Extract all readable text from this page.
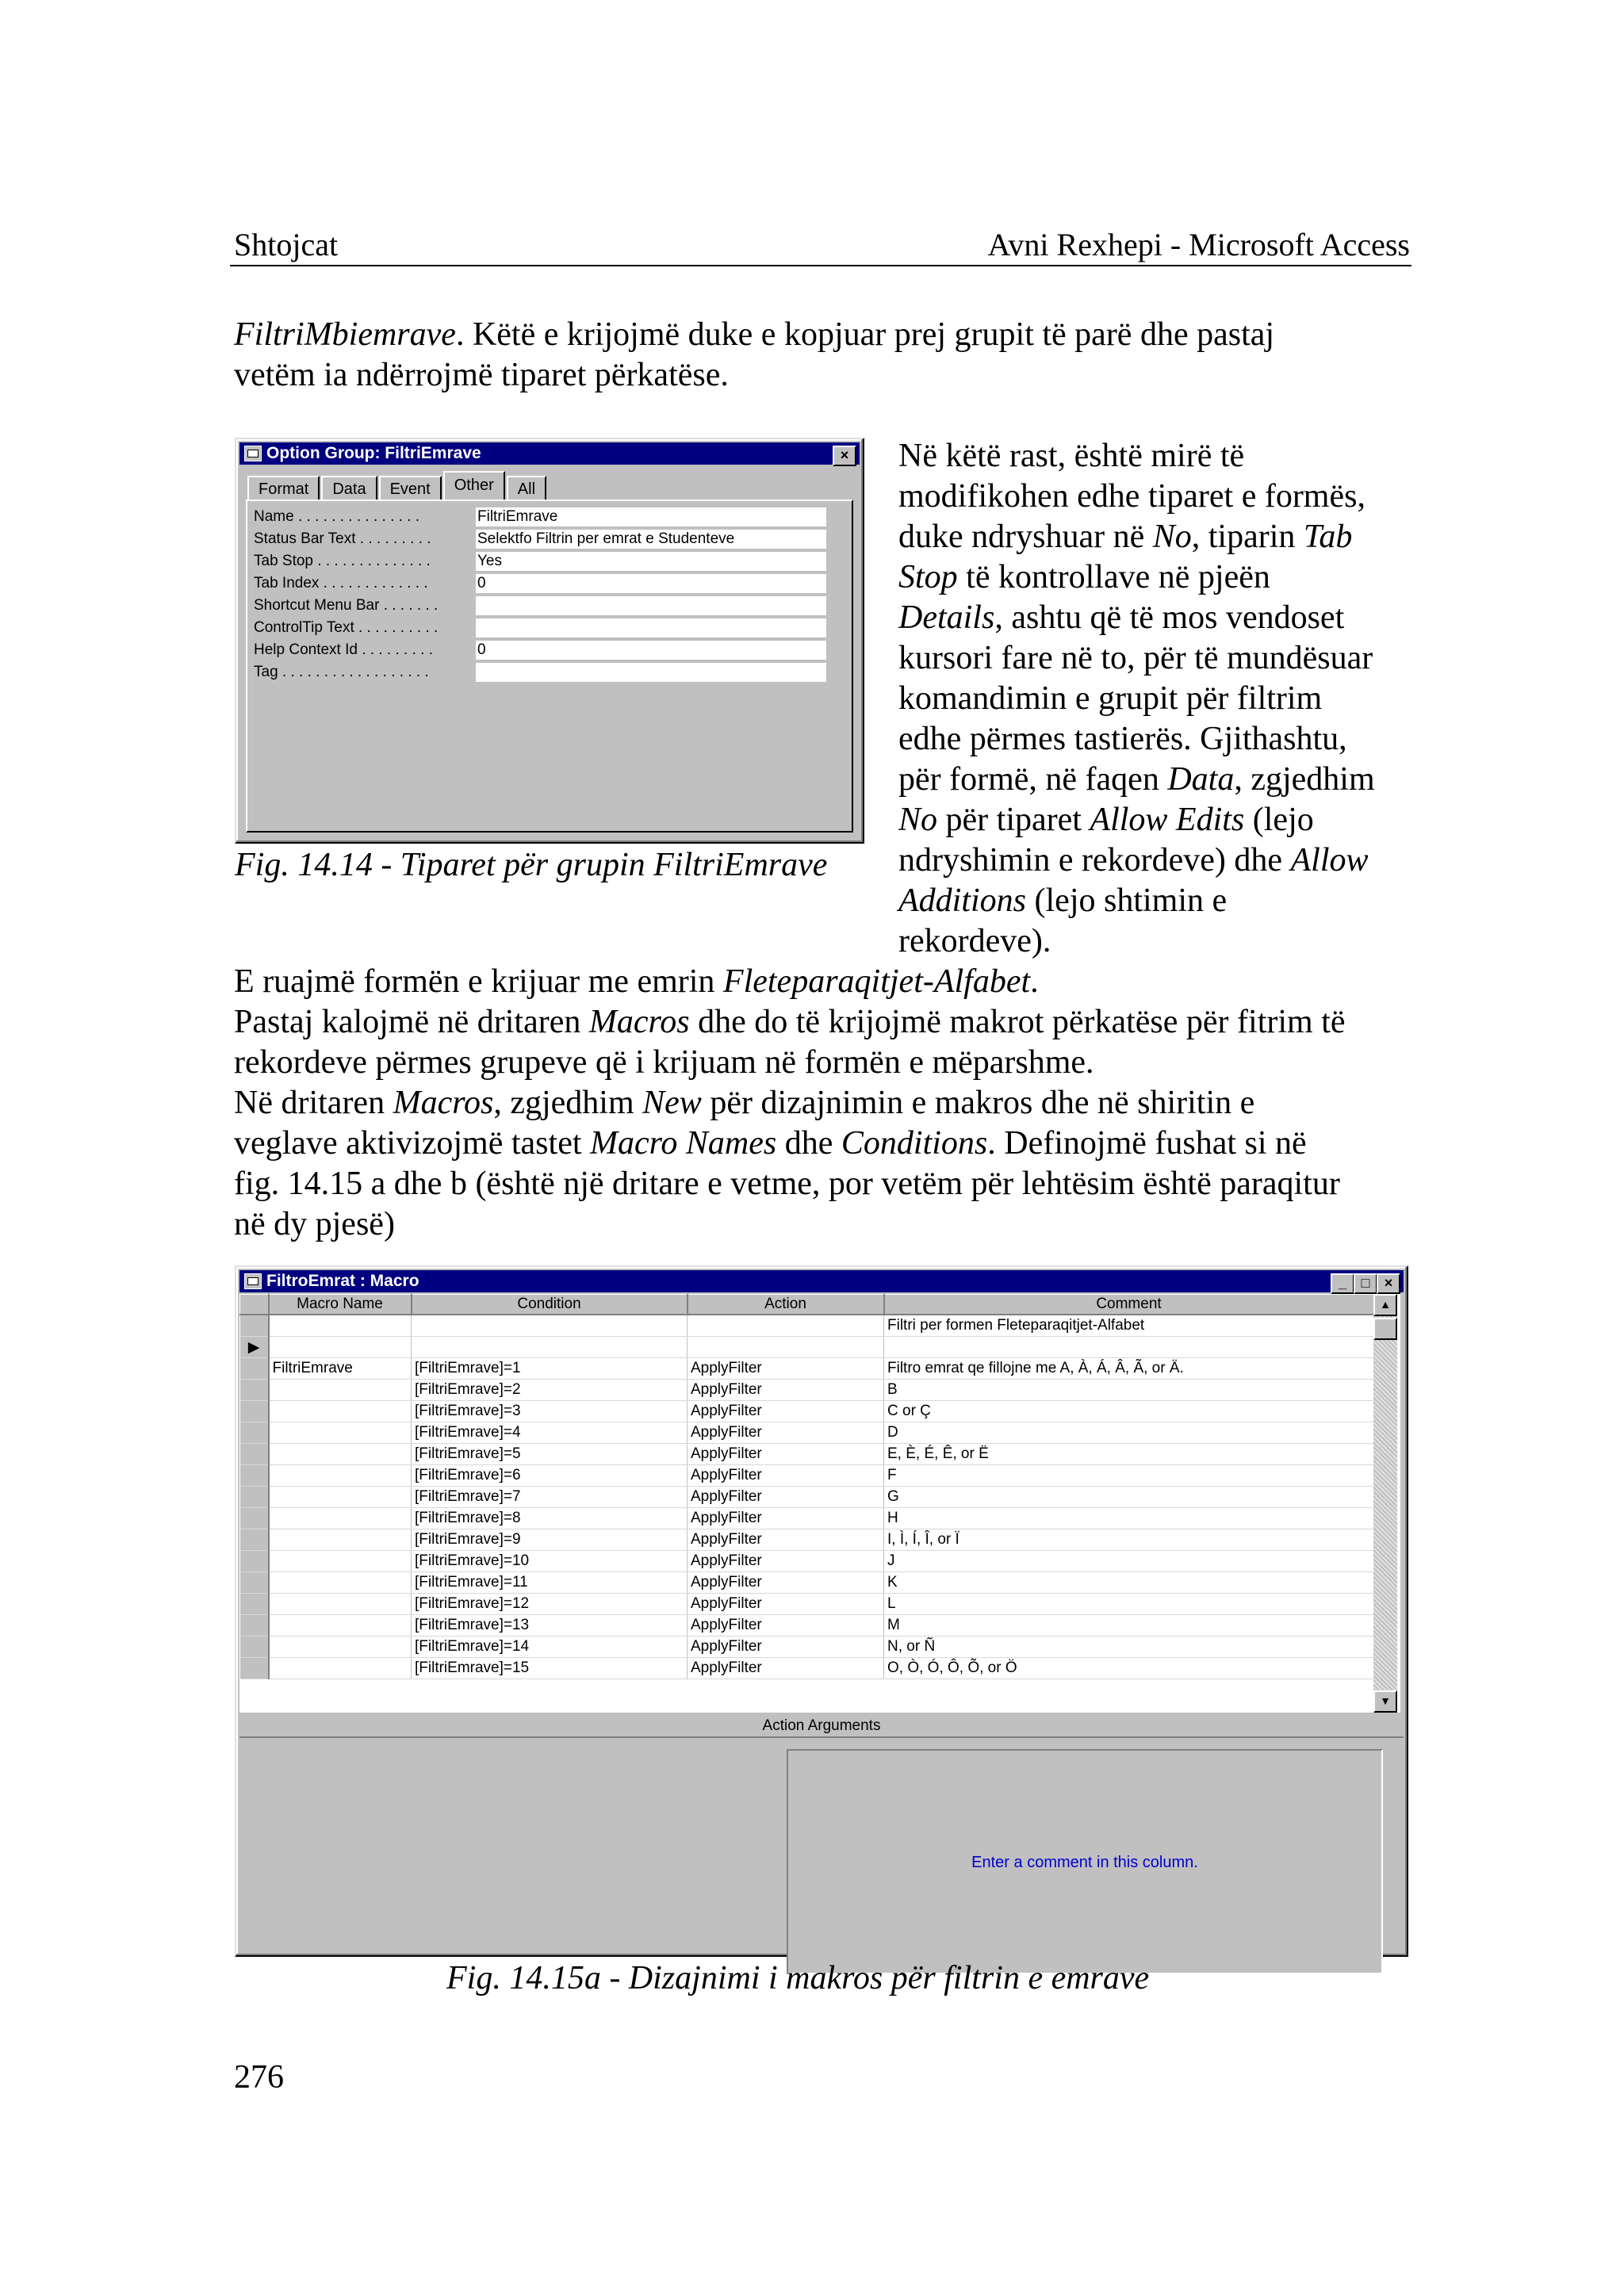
Shtojcat	Avni Rexhepi - Microsoft Access
FiltriMbiemrave. Këtë e krijojmë duke e kopjuar prej grupit të parë dhe pastaj
vetëm ia ndërrojmë tiparet përkatëse.
Option Group: FiltriEmrave	×
Format	Data	Event	Other	All
Name . . . . . . . . . . . . . . .	FiltriEmrave
Status Bar Text . . . . . . . . .	Selektfo Filtrin per emrat e Studenteve
Tab Stop . . . . . . . . . . . . . .	Yes
Tab Index . . . . . . . . . . . . .	0
Shortcut Menu Bar . . . . . . .
ControlTip Text . . . . . . . . . .
Help Context Id . . . . . . . . .	0
Tag . . . . . . . . . . . . . . . . . .
Fig. 14.14 - Tiparet për grupin FiltriEmrave
Në këtë rast, është mirë të
modifikohen edhe tiparet e formës,
duke ndryshuar në No, tiparin Tab
Stop të kontrollave në pjeën
Details, ashtu që të mos vendoset
kursori fare në to, për të mundësuar
komandimin e grupit për filtrim
edhe përmes tastierës. Gjithashtu,
për formë, në faqen Data, zgjedhim
No për tiparet Allow Edits (lejo
ndryshimin e rekordeve) dhe Allow
Additions (lejo shtimin e
rekordeve).
E ruajmë formën e krijuar me emrin Fleteparaqitjet-Alfabet.
Pastaj kalojmë në dritaren Macros dhe do të krijojmë makrot përkatëse për fitrim të
rekordeve përmes grupeve që i krijuam në formën e mëparshme.
Në dritaren Macros, zgjedhim New për dizajnimin e makros dhe në shiritin e
veglave aktivizojmë tastet Macro Names dhe Conditions. Definojmë fushat si në
fig. 14.15 a dhe b (është një dritare e vetme, por vetëm për lehtësim është paraqitur
në dy pjesë)
FiltroEmrat : Macro	_	□	×
	Macro Name	Condition	Action	Comment
				Filtri per formen Fleteparaqitjet-Alfabet
▶				
	FiltriEmrave	[FiltriEmrave]=1	ApplyFilter	Filtro emrat qe fillojne me A, À, Á, Â, Ã, or Ä.
		[FiltriEmrave]=2	ApplyFilter	B
		[FiltriEmrave]=3	ApplyFilter	C or Ç
		[FiltriEmrave]=4	ApplyFilter	D
		[FiltriEmrave]=5	ApplyFilter	E, È, É, Ê, or Ë
		[FiltriEmrave]=6	ApplyFilter	F
		[FiltriEmrave]=7	ApplyFilter	G
		[FiltriEmrave]=8	ApplyFilter	H
		[FiltriEmrave]=9	ApplyFilter	I, Ì, Í, Î, or Ï
		[FiltriEmrave]=10	ApplyFilter	J
		[FiltriEmrave]=11	ApplyFilter	K
		[FiltriEmrave]=12	ApplyFilter	L
		[FiltriEmrave]=13	ApplyFilter	M
		[FiltriEmrave]=14	ApplyFilter	N, or Ñ
		[FiltriEmrave]=15	ApplyFilter	O, Ò, Ó, Ô, Õ, or Ö
▲
▼
Action Arguments
Enter a comment in this column.
Fig. 14.15a - Dizajnimi i makros për filtrin e emrave
276
